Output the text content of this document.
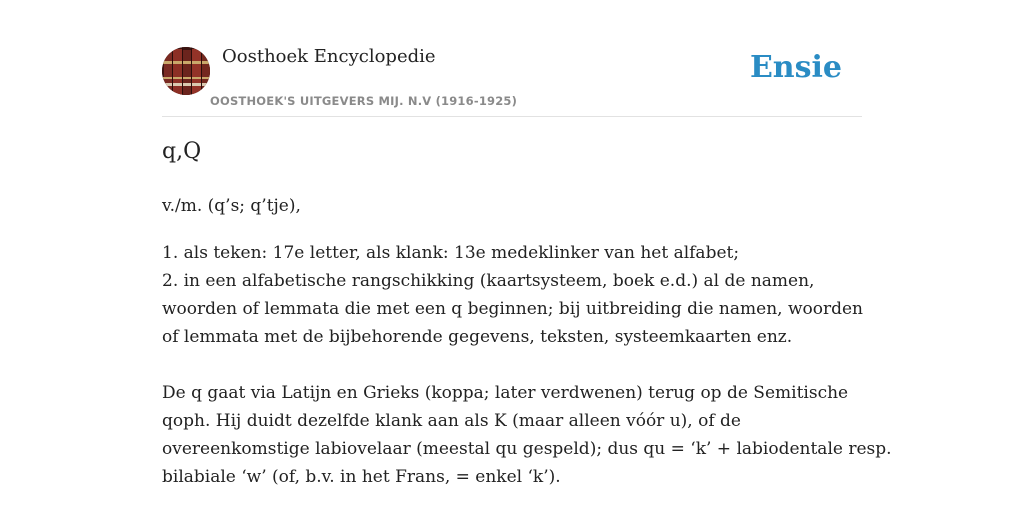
Oosthoek Encyclopedie
OOSTHOEK'S UITGEVERS MIJ. N.V (1916-1925)
Ensie
q,Q

v./m. (q’s; q’tje),

1. als teken: 17e letter, als klank: 13e medeklinker van het alfabet;
2. in een alfabetische rangschikking (kaartsysteem, boek e.d.) al de namen,
woorden of lemmata die met een q beginnen; bij uitbreiding die namen, woorden
of lemmata met de bijbehorende gegevens, teksten, systeemkaarten enz.
De q gaat via Latijn en Grieks (koppa; later verdwenen) terug op de Semitische
qoph. Hij duidt dezelfde klank aan als K (maar alleen vóór u), of de
overeenkomstige labiovelaar (meestal qu gespeld); dus qu = ‘k’ + labiodentale resp.
bilabiale ‘w’ (of, b.v. in het Frans, = enkel ‘k’).
